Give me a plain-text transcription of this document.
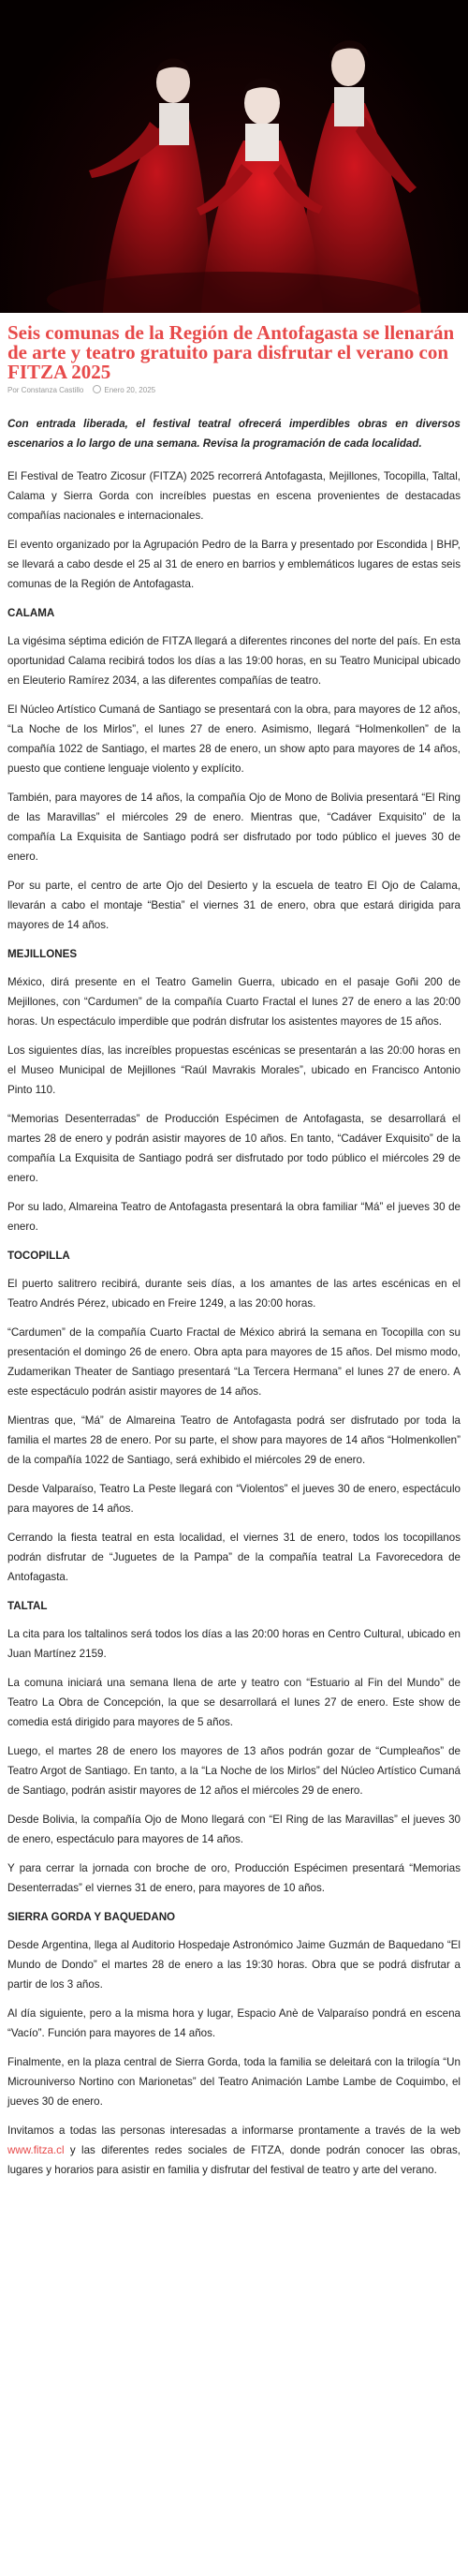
Seis comunas de la Región de Antofagasta se llenarán de arte y teatro gratuito para disfrutar el verano con FITZA 2025
Por Constanza Castillo	Enero 20, 2025

Con entrada liberada, el festival teatral ofrecerá imperdibles obras en diversos escenarios a lo largo de una semana. Revisa la programación de cada localidad.

El Festival de Teatro Zicosur (FITZA) 2025 recorrerá Antofagasta, Mejillones, Tocopilla, Taltal, Calama y Sierra Gorda con increíbles puestas en escena provenientes de destacadas compañías nacionales e internacionales.

El evento organizado por la Agrupación Pedro de la Barra y presentado por Escondida | BHP, se llevará a cabo desde el 25 al 31 de enero en barrios y emblemáticos lugares de estas seis comunas de la Región de Antofagasta.

CALAMA

La vigésima séptima edición de FITZA llegará a diferentes rincones del norte del país. En esta oportunidad Calama recibirá todos los días a las 19:00 horas, en su Teatro Municipal ubicado en Eleuterio Ramírez 2034, a las diferentes compañías de teatro.

El Núcleo Artístico Cumaná de Santiago se presentará con la obra, para mayores de 12 años, “La Noche de los Mirlos”, el lunes 27 de enero. Asimismo, llegará “Holmenkollen” de la compañía 1022 de Santiago, el martes 28 de enero, un show apto para mayores de 14 años, puesto que contiene lenguaje violento y explícito.

También, para mayores de 14 años, la compañía Ojo de Mono de Bolivia presentará “El Ring de las Maravillas” el miércoles 29 de enero. Mientras que, “Cadáver Exquisito” de la compañía La Exquisita de Santiago podrá ser disfrutado por todo público el jueves 30 de enero.

Por su parte, el centro de arte Ojo del Desierto y la escuela de teatro El Ojo de Calama, llevarán a cabo el montaje “Bestia” el viernes 31 de enero, obra que estará dirigida para mayores de 14 años.

MEJILLONES

México, dirá presente en el Teatro Gamelin Guerra, ubicado en el pasaje Goñi 200 de Mejillones, con “Cardumen” de la compañía Cuarto Fractal el lunes 27 de enero a las 20:00 horas. Un espectáculo imperdible que podrán disfrutar los asistentes mayores de 15 años.

Los siguientes días, las increíbles propuestas escénicas se presentarán a las 20:00 horas en el Museo Municipal de Mejillones “Raúl Mavrakis Morales”, ubicado en Francisco Antonio Pinto 110.

“Memorias Desenterradas” de Producción Espécimen de Antofagasta, se desarrollará el martes 28 de enero y podrán asistir mayores de 10 años. En tanto, “Cadáver Exquisito” de la compañía La Exquisita de Santiago podrá ser disfrutado por todo público el miércoles 29 de enero.

Por su lado, Almareina Teatro de Antofagasta presentará la obra familiar “Má” el jueves 30 de enero.

TOCOPILLA

El puerto salitrero recibirá, durante seis días, a los amantes de las artes escénicas en el Teatro Andrés Pérez, ubicado en Freire 1249, a las 20:00 horas.

“Cardumen” de la compañía Cuarto Fractal de México abrirá la semana en Tocopilla con su presentación el domingo 26 de enero. Obra apta para mayores de 15 años. Del mismo modo, Zudamerikan Theater de Santiago presentará “La Tercera Hermana” el lunes 27 de enero. A este espectáculo podrán asistir mayores de 14 años.

Mientras que, “Má” de Almareina Teatro de Antofagasta podrá ser disfrutado por toda la familia el martes 28 de enero. Por su parte, el show para mayores de 14 años “Holmenkollen” de la compañía 1022 de Santiago, será exhibido el miércoles 29 de enero.

Desde Valparaíso, Teatro La Peste llegará con “Violentos” el jueves 30 de enero, espectáculo para mayores de 14 años.

Cerrando la fiesta teatral en esta localidad, el viernes 31 de enero, todos los tocopillanos podrán disfrutar de “Juguetes de la Pampa” de la compañía teatral La Favorecedora de Antofagasta.

TALTAL

La cita para los taltalinos será todos los días a las 20:00 horas en Centro Cultural, ubicado en Juan Martínez 2159.

La comuna iniciará una semana llena de arte y teatro con “Estuario al Fin del Mundo” de Teatro La Obra de Concepción, la que se desarrollará el lunes 27 de enero. Este show de comedia está dirigido para mayores de 5 años.

Luego, el martes 28 de enero los mayores de 13 años podrán gozar de “Cumpleaños” de Teatro Argot de Santiago. En tanto, a la “La Noche de los Mirlos” del Núcleo Artístico Cumaná de Santiago, podrán asistir mayores de 12 años el miércoles 29 de enero.

Desde Bolivia, la compañía Ojo de Mono llegará con “El Ring de las Maravillas” el jueves 30 de enero, espectáculo para mayores de 14 años.

Y para cerrar la jornada con broche de oro, Producción Espécimen presentará “Memorias Desenterradas” el viernes 31 de enero, para mayores de 10 años.

SIERRA GORDA Y BAQUEDANO

Desde Argentina, llega al Auditorio Hospedaje Astronómico Jaime Guzmán de Baquedano “El Mundo de Dondo” el martes 28 de enero a las 19:30 horas. Obra que se podrá disfrutar a partir de los 3 años.

Al día siguiente, pero a la misma hora y lugar, Espacio Anè de Valparaíso pondrá en escena “Vacío”. Función para mayores de 14 años.

Finalmente, en la plaza central de Sierra Gorda, toda la familia se deleitará con la trilogía “Un Microuniverso Nortino con Marionetas” del Teatro Animación Lambe Lambe de Coquimbo, el jueves 30 de enero.

Invitamos a todas las personas interesadas a informarse prontamente a través de la web www.fitza.cl y las diferentes redes sociales de FITZA, donde podrán conocer las obras, lugares y horarios para asistir en familia y disfrutar del festival de teatro y arte del verano.
